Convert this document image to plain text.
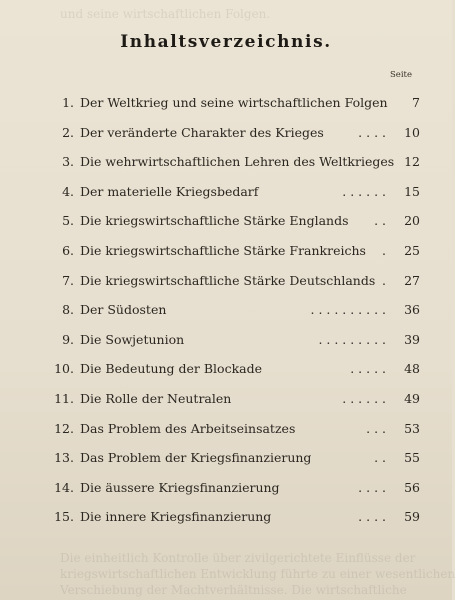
und seine wirtschaftlichen Folgen.
Inhaltsverzeichnis.
Seite
1. Der Weltkrieg und seine wirtschaftlichen Folgen	7
2. Der veränderte Charakter des Krieges	. . . .	10
3. Die wehrwirtschaftlichen Lehren des Weltkrieges 12
4. Der materielle Kriegsbedarf	. . . . . .	15
5. Die kriegswirtschaftliche Stärke Englands . .	20
6. Die kriegswirtschaftliche Stärke Frankreichs .	25
7. Die kriegswirtschaftliche Stärke Deutschlands .	27
8. Der Südosten	. . . . . . . . . .	36
9. Die Sowjetunion	. . . . . . . . .	39
10. Die Bedeutung der Blockade	. . . . .	48
11. Die Rolle der Neutralen	. . . . . .	49
12. Das Problem des Arbeitseinsatzes	. . .	53
13. Das Problem der Kriegsfinanzierung	. .	55
14. Die äussere Kriegsfinanzierung	. . . .	56
15. Die innere Kriegsfinanzierung	. . . .	59
Die einheitlich Kontrolle über zivilgerichtete Einflüsse der
kriegswirtschaftlichen Entwicklung führte zu einer wesentlichen
Verschiebung der Machtverhältnisse. Die wirtschaftliche
